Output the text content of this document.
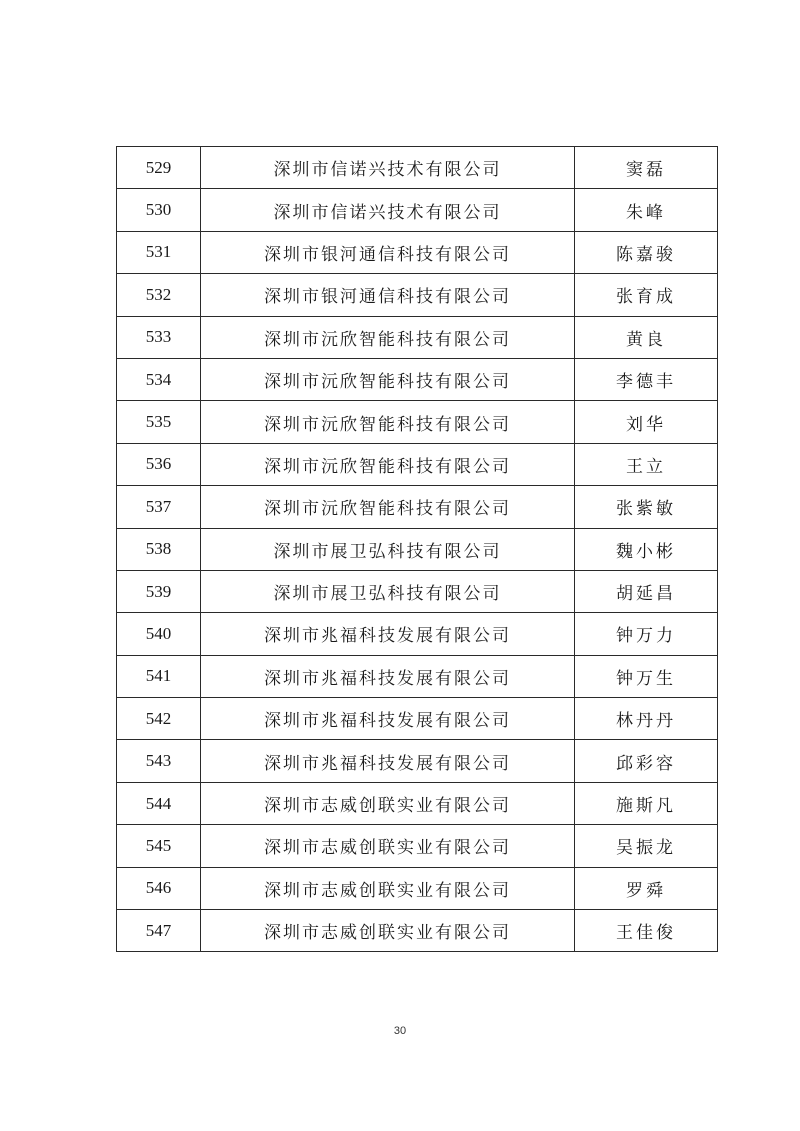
529	深圳市信诺兴技术有限公司	窦磊
530	深圳市信诺兴技术有限公司	朱峰
531	深圳市银河通信科技有限公司	陈嘉骏
532	深圳市银河通信科技有限公司	张育成
533	深圳市沅欣智能科技有限公司	黄良
534	深圳市沅欣智能科技有限公司	李德丰
535	深圳市沅欣智能科技有限公司	刘华
536	深圳市沅欣智能科技有限公司	王立
537	深圳市沅欣智能科技有限公司	张紫敏
538	深圳市展卫弘科技有限公司	魏小彬
539	深圳市展卫弘科技有限公司	胡延昌
540	深圳市兆福科技发展有限公司	钟万力
541	深圳市兆福科技发展有限公司	钟万生
542	深圳市兆福科技发展有限公司	林丹丹
543	深圳市兆福科技发展有限公司	邱彩容
544	深圳市志威创联实业有限公司	施斯凡
545	深圳市志威创联实业有限公司	吴振龙
546	深圳市志威创联实业有限公司	罗舜
547	深圳市志威创联实业有限公司	王佳俊
30
